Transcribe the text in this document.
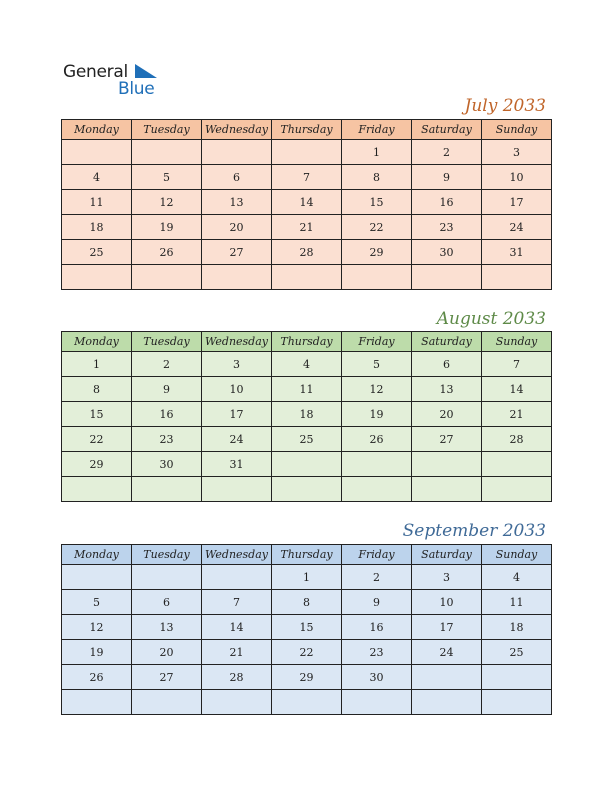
General
Blue
July 2033
Monday	Tuesday	Wednesday	Thursday	Friday	Saturday	Sunday
				1	2	3
4	5	6	7	8	9	10
11	12	13	14	15	16	17
18	19	20	21	22	23	24
25	26	27	28	29	30	31

August 2033
Monday	Tuesday	Wednesday	Thursday	Friday	Saturday	Sunday
1	2	3	4	5	6	7
8	9	10	11	12	13	14
15	16	17	18	19	20	21
22	23	24	25	26	27	28
29	30	31				

September 2033
Monday	Tuesday	Wednesday	Thursday	Friday	Saturday	Sunday
			1	2	3	4
5	6	7	8	9	10	11
12	13	14	15	16	17	18
19	20	21	22	23	24	25
26	27	28	29	30		
